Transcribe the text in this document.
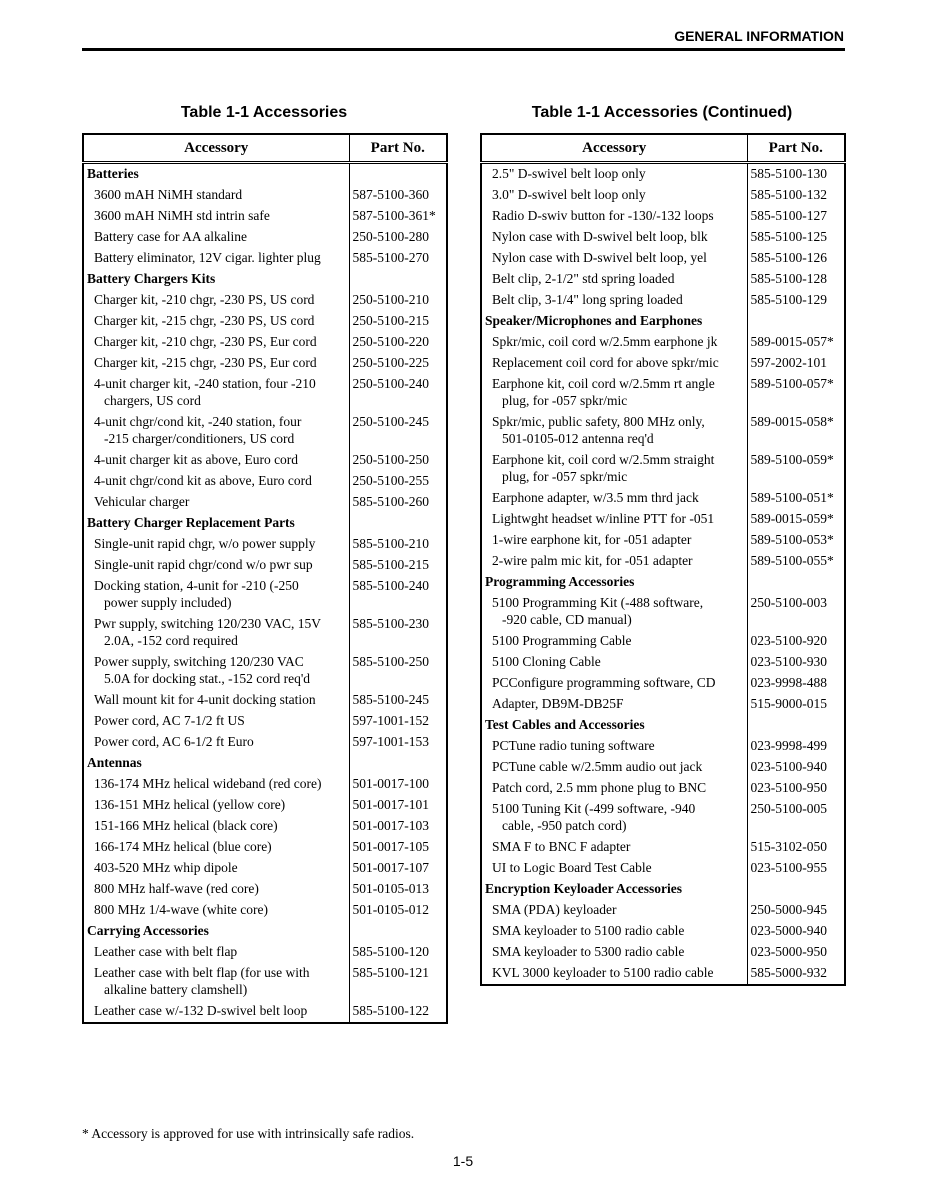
GENERAL INFORMATION
Table 1-1 Accessories	Table 1-1 Accessories (Continued)
Accessory	Part No.
Batteries	
3600 mAH NiMH standard	587-5100-360
3600 mAH NiMH std intrin safe	587-5100-361*
Battery case for AA alkaline	250-5100-280
Battery eliminator, 12V cigar. lighter plug	585-5100-270
Battery Chargers Kits	
Charger kit, -210 chgr, -230 PS, US cord	250-5100-210
Charger kit, -215 chgr, -230 PS, US cord	250-5100-215
Charger kit, -210 chgr, -230 PS, Eur cord	250-5100-220
Charger kit, -215 chgr, -230 PS, Eur cord	250-5100-225
4-unit charger kit, -240 station, four -210
chargers, US cord	250-5100-240
4-unit chgr/cond kit, -240 station, four
-215 charger/conditioners, US cord	250-5100-245
4-unit charger kit as above, Euro cord	250-5100-250
4-unit chgr/cond kit as above, Euro cord	250-5100-255
Vehicular charger	585-5100-260
Battery Charger Replacement Parts	
Single-unit rapid chgr, w/o power supply	585-5100-210
Single-unit rapid chgr/cond w/o pwr sup	585-5100-215
Docking station, 4-unit for -210 (-250
power supply included)	585-5100-240
Pwr supply, switching 120/230 VAC, 15V
2.0A, -152 cord required	585-5100-230
Power supply, switching 120/230 VAC
5.0A for docking stat., -152 cord req'd	585-5100-250
Wall mount kit for 4-unit docking station	585-5100-245
Power cord, AC 7-1/2 ft US	597-1001-152
Power cord, AC 6-1/2 ft Euro	597-1001-153
Antennas	
136-174 MHz helical wideband (red core)	501-0017-100
136-151 MHz helical (yellow core)	501-0017-101
151-166 MHz helical (black core)	501-0017-103
166-174 MHz helical (blue core)	501-0017-105
403-520 MHz whip dipole	501-0017-107
800 MHz half-wave (red core)	501-0105-013
800 MHz 1/4-wave (white core)	501-0105-012
Carrying Accessories	
Leather case with belt flap	585-5100-120
Leather case with belt flap (for use with
alkaline battery clamshell)	585-5100-121
Leather case w/-132 D-swivel belt loop	585-5100-122
Accessory	Part No.
2.5" D-swivel belt loop only	585-5100-130
3.0" D-swivel belt loop only	585-5100-132
Radio D-swiv button for -130/-132 loops	585-5100-127
Nylon case with D-swivel belt loop, blk	585-5100-125
Nylon case with D-swivel belt loop, yel	585-5100-126
Belt clip, 2-1/2" std spring loaded	585-5100-128
Belt clip, 3-1/4" long spring loaded	585-5100-129
Speaker/Microphones and Earphones	
Spkr/mic, coil cord w/2.5mm earphone jk	589-0015-057*
Replacement coil cord for above spkr/mic	597-2002-101
Earphone kit, coil cord w/2.5mm rt angle
plug, for -057 spkr/mic	589-5100-057*
Spkr/mic, public safety, 800 MHz only,
501-0105-012 antenna req'd	589-0015-058*
Earphone kit, coil cord w/2.5mm straight
plug, for -057 spkr/mic	589-5100-059*
Earphone adapter, w/3.5 mm thrd jack	589-5100-051*
Lightwght headset w/inline PTT for -051	589-0015-059*
1-wire earphone kit, for -051 adapter	589-5100-053*
2-wire palm mic kit, for -051 adapter	589-5100-055*
Programming Accessories	
5100 Programming Kit (-488 software,
-920 cable, CD manual)	250-5100-003
5100 Programming Cable	023-5100-920
5100 Cloning Cable	023-5100-930
PCConfigure programming software, CD	023-9998-488
Adapter, DB9M-DB25F	515-9000-015
Test Cables and Accessories	
PCTune radio tuning software	023-9998-499
PCTune cable w/2.5mm audio out jack	023-5100-940
Patch cord, 2.5 mm phone plug to BNC	023-5100-950
5100 Tuning Kit (-499 software, -940
cable, -950 patch cord)	250-5100-005
SMA F to BNC F adapter	515-3102-050
UI to Logic Board Test Cable	023-5100-955
Encryption Keyloader Accessories	
SMA (PDA) keyloader	250-5000-945
SMA keyloader to 5100 radio cable	023-5000-940
SMA keyloader to 5300 radio cable	023-5000-950
KVL 3000 keyloader to 5100 radio cable	585-5000-932
* Accessory is approved for use with intrinsically safe radios.
1-5
